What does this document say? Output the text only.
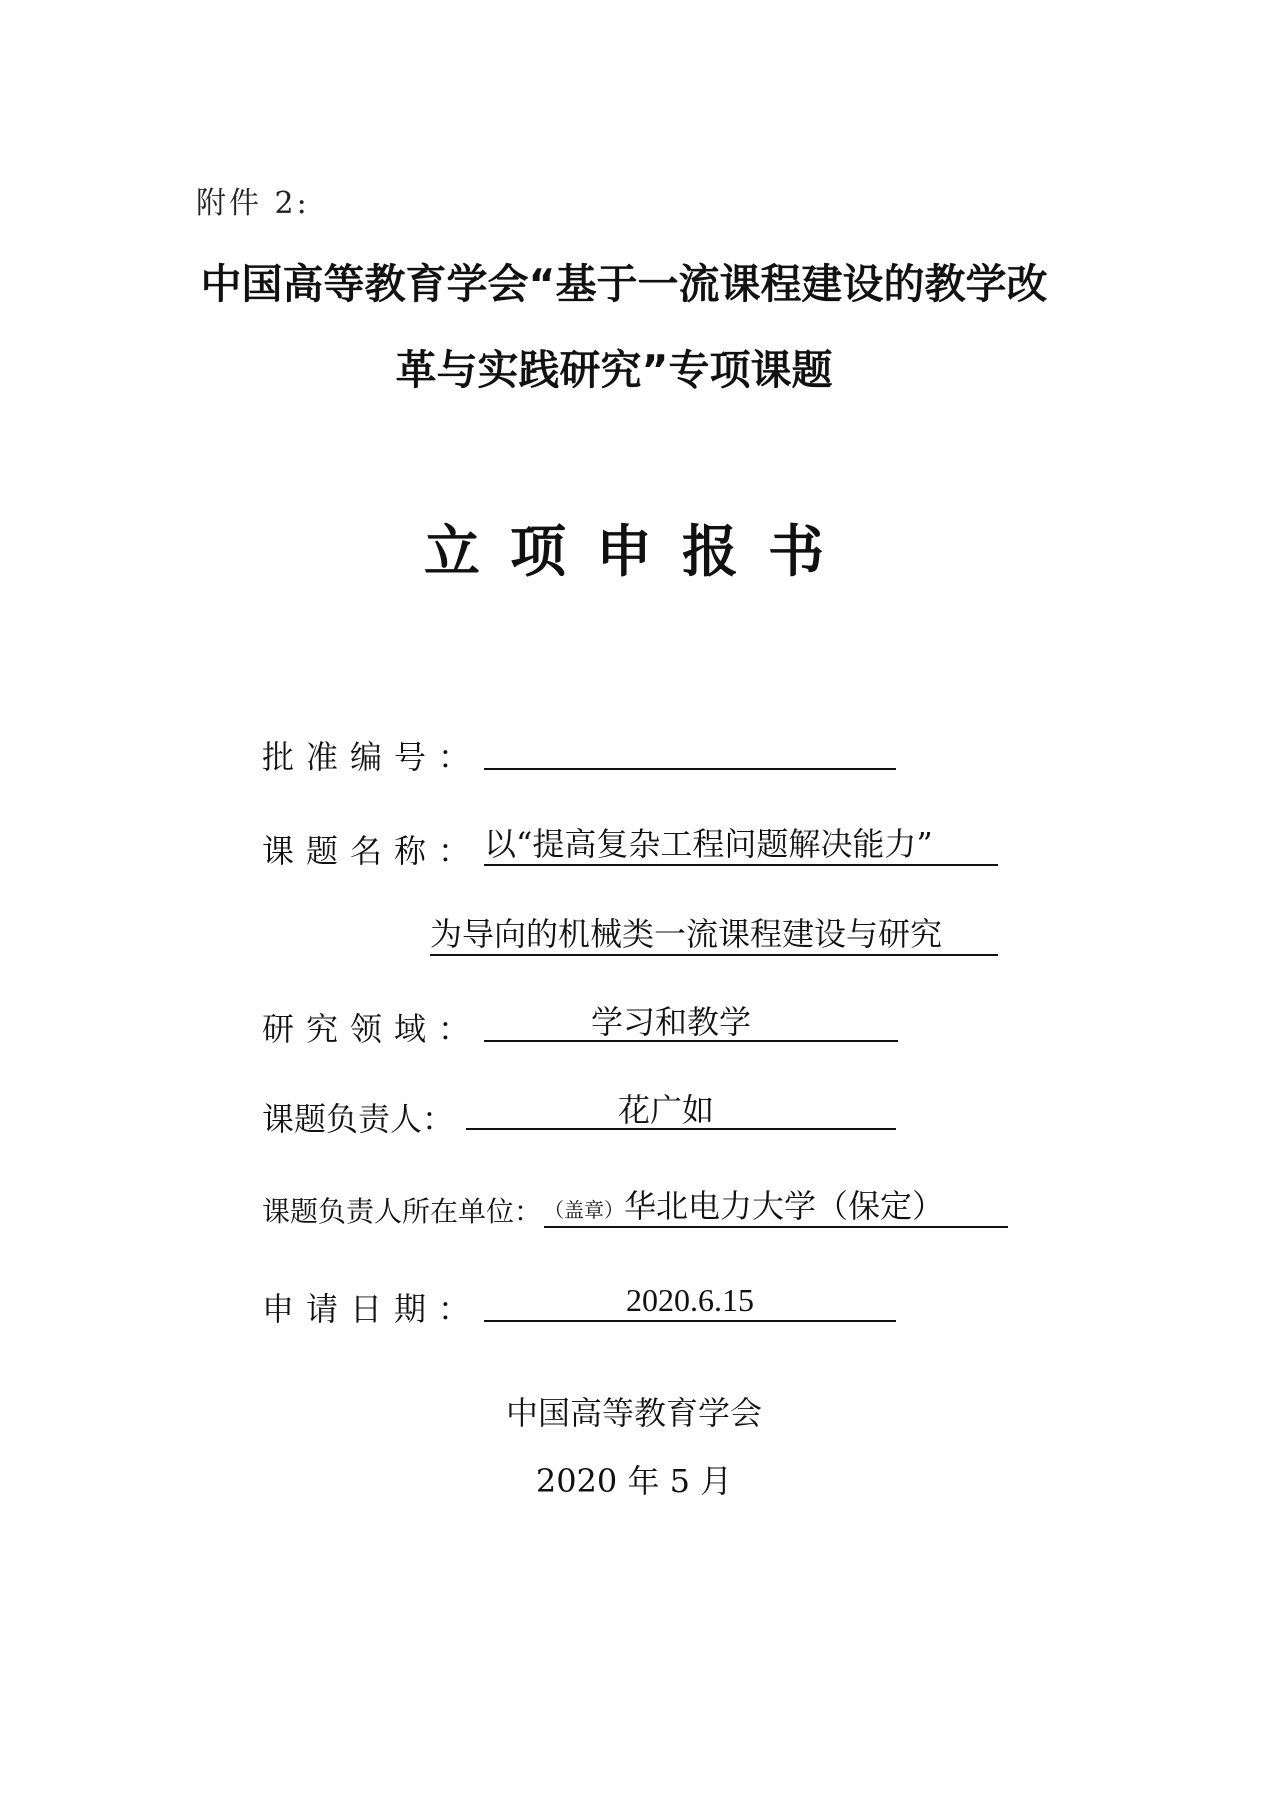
附件 2:
中国高等教育学会“基于一流课程建设的教学改
革与实践研究”专项课题
立项申报书
批准编号：
课题名称： 以“提高复杂工程问题解决能力”
为导向的机械类一流课程建设与研究
研究领域：	学习和教学
课题负责人：	花广如
课题负责人所在单位： （盖章）华北电力大学（保定）
申请日期：	2020.6.15
中国高等教育学会
2020 年 5 月
